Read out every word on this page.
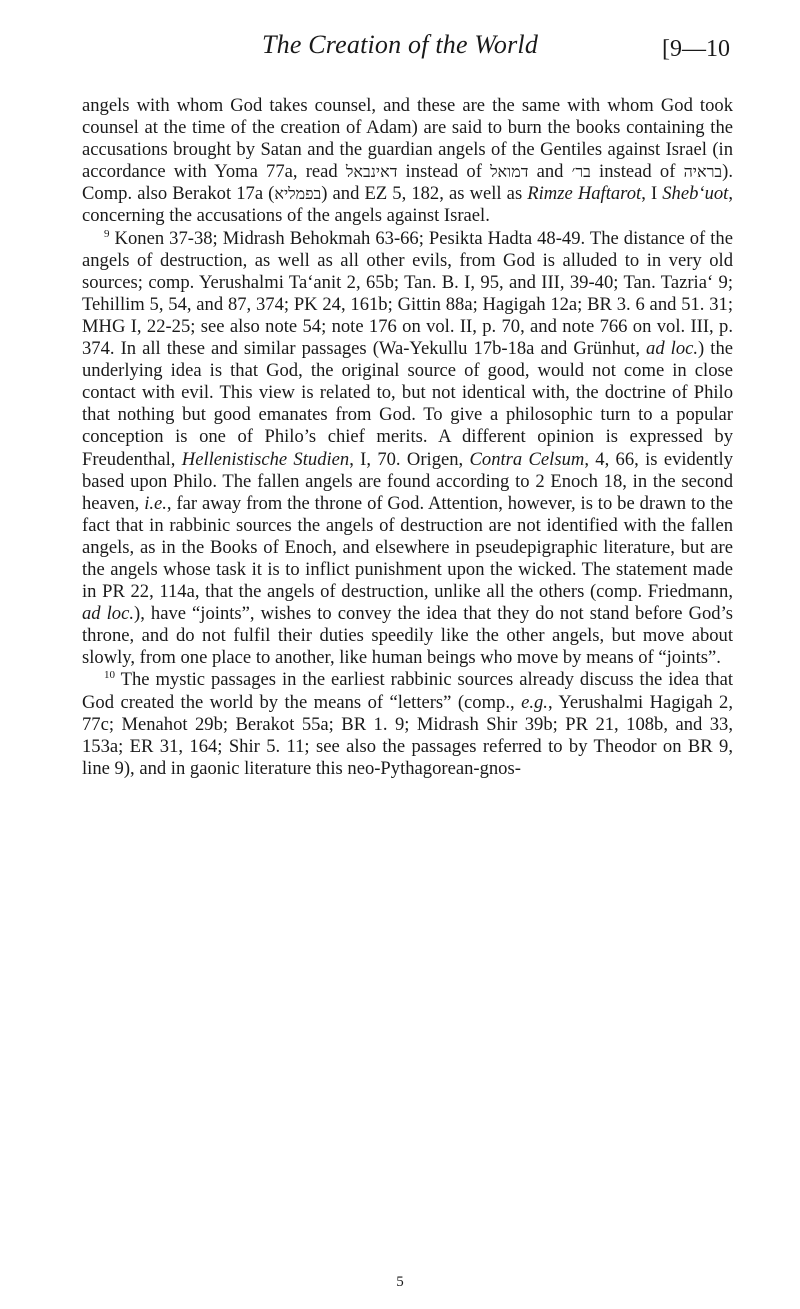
The Creation of the World	[9—10

angels with whom God takes counsel, and these are the same with whom God took counsel at the time of the creation of Adam) are said to burn the books containing the accusations brought by Satan and the guardian angels of the Gentiles against Israel (in accordance with Yoma 77a, read דאינבאל instead of דמואל and בר׳ instead of בראיה). Comp. also Berakot 17a (בפמליא) and EZ 5, 182, as well as Rimze Haftarot, I Sheb‘uot, concerning the accusations of the angels against Israel.

$^9$ Konen 37-38; Midrash Behokmah 63-66; Pesikta Hadta 48-49. The distance of the angels of destruction, as well as all other evils, from God is alluded to in very old sources; comp. Yerushalmi Ta‘anit 2, 65b; Tan. B. I, 95, and III, 39-40; Tan. Tazria‘ 9; Tehillim 5, 54, and 87, 374; PK 24, 161b; Gittin 88a; Hagigah 12a; BR 3. 6 and 51. 31; MHG I, 22-25; see also note 54; note 176 on vol. II, p. 70, and note 766 on vol. III, p. 374. In all these and similar passages (Wa-Yekullu 17b-18a and Grünhut, ad loc.) the underlying idea is that God, the original source of good, would not come in close contact with evil. This view is related to, but not identical with, the doctrine of Philo that nothing but good emanates from God. To give a philosophic turn to a popular conception is one of Philo’s chief merits. A different opinion is expressed by Freudenthal, Hellenistische Studien, I, 70. Origen, Contra Celsum, 4, 66, is evidently based upon Philo. The fallen angels are found according to 2 Enoch 18, in the second heaven, i.e., far away from the throne of God. Attention, however, is to be drawn to the fact that in rabbinic sources the angels of destruction are not identified with the fallen angels, as in the Books of Enoch, and elsewhere in pseudepigraphic literature, but are the angels whose task it is to inflict punishment upon the wicked. The statement made in PR 22, 114a, that the angels of destruction, unlike all the others (comp. Friedmann, ad loc.), have “joints”, wishes to convey the idea that they do not stand before God’s throne, and do not fulfil their duties speedily like the other angels, but move about slowly, from one place to another, like human beings who move by means of “joints”.

$^{10}$ The mystic passages in the earliest rabbinic sources already discuss the idea that God created the world by the means of “letters” (comp., e.g., Yerushalmi Hagigah 2, 77c; Menahot 29b; Berakot 55a; BR 1. 9; Midrash Shir 39b; PR 21, 108b, and 33, 153a; ER 31, 164; Shir 5. 11; see also the passages referred to by Theodor on BR 9, line 9), and in gaonic literature this neo-Pythagorean-gnos-

5
